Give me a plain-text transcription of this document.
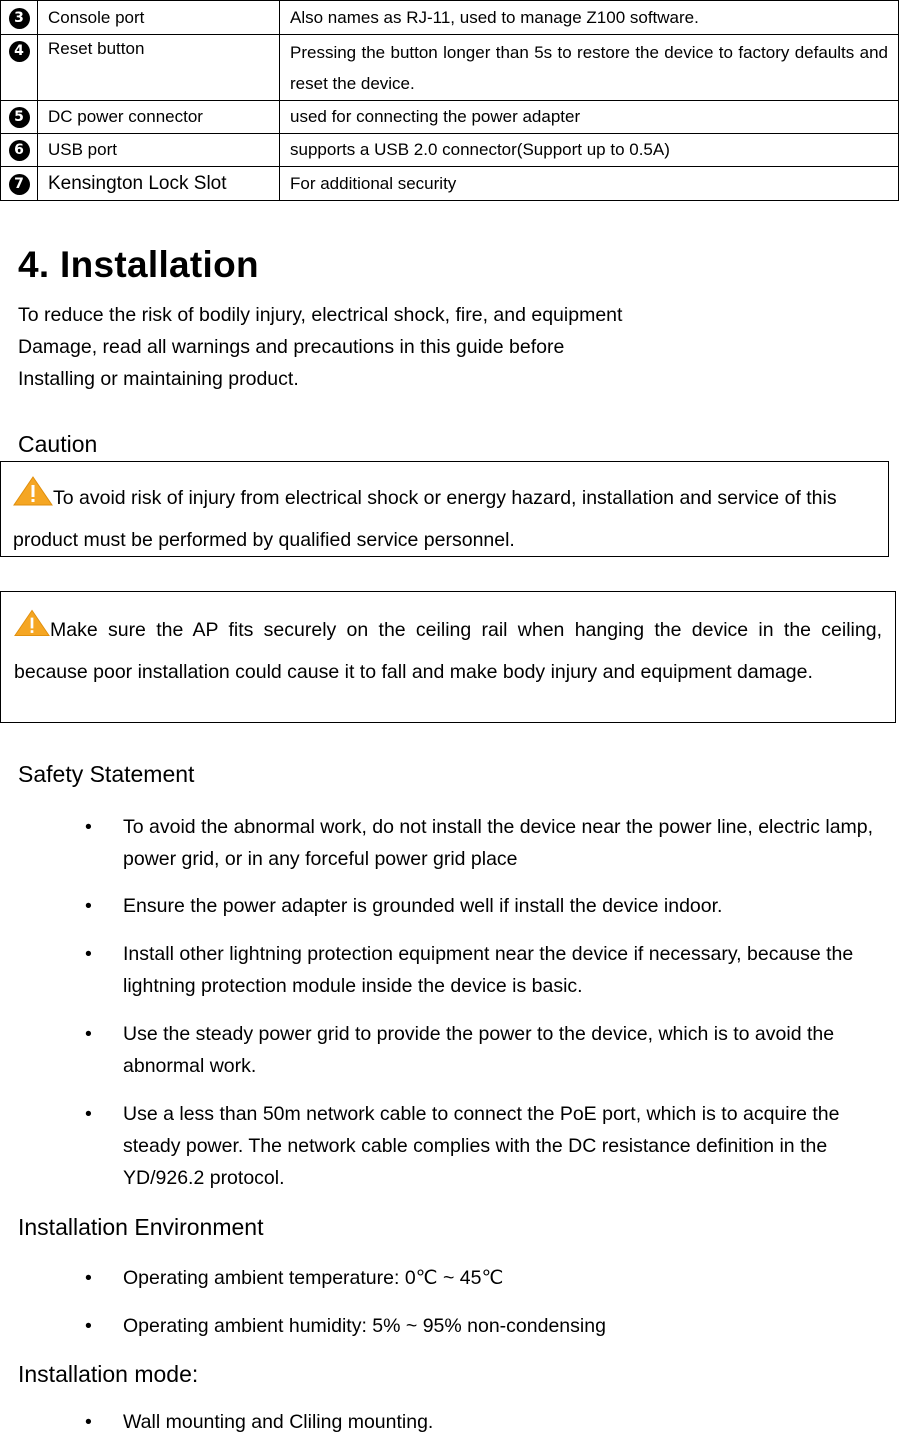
3	Console port	Also names as RJ-11, used to manage Z100 software.
4	Reset button	Pressing the button longer than 5s to restore the device to factory defaults and reset the device.
5	DC power connector	used for connecting the power adapter
6	USB port	supports a USB 2.0 connector(Support up to 0.5A)
7	Kensington Lock Slot	For additional security
4. Installation
To reduce the risk of bodily injury, electrical shock, fire, and equipment
Damage, read all warnings and precautions in this guide before
Installing or maintaining product.
Caution
To avoid risk of injury from electrical shock or energy hazard, installation and service of this product must be performed by qualified service personnel.
Make sure the AP fits securely on the ceiling rail when hanging the device in the ceiling, because poor installation could cause it to fall and make body injury and equipment damage.
Safety Statement
• To avoid the abnormal work, do not install the device near the power line, electric lamp, power grid, or in any forceful power grid place
• Ensure the power adapter is grounded well if install the device indoor.
• Install other lightning protection equipment near the device if necessary, because the lightning protection module inside the device is basic.
• Use the steady power grid to provide the power to the device, which is to avoid the abnormal work.
• Use a less than 50m network cable to connect the PoE port, which is to acquire the steady power. The network cable complies with the DC resistance definition in the YD/926.2 protocol.
Installation Environment
• Operating ambient temperature: 0℃ ~ 45℃
• Operating ambient humidity: 5% ~ 95% non-condensing
Installation mode:
• Wall mounting and Cliling mounting.
